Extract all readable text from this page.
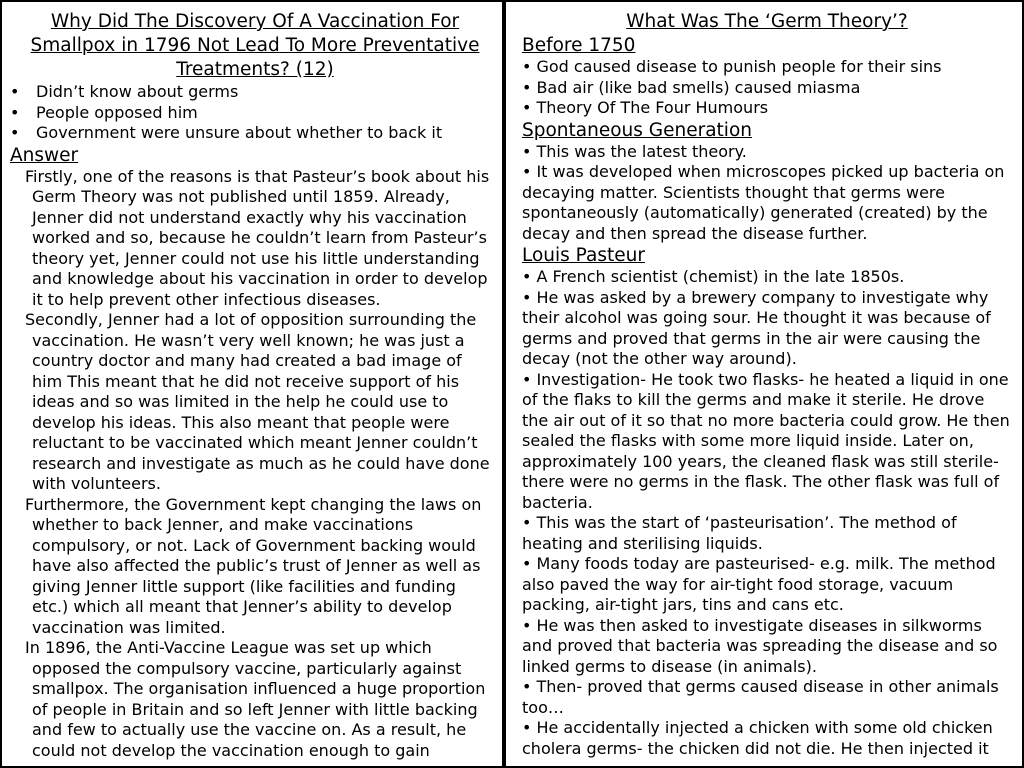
Why Did The Discovery Of A Vaccination For Smallpox in 1796 Not Lead To More Preventative Treatments? (12)
• Didn’t know about germs
• People opposed him
• Government were unsure about whether to back it
Answer
Firstly, one of the reasons is that Pasteur’s book about his Germ Theory was not published until 1859. Already, Jenner did not understand exactly why his vaccination worked and so, because he couldn’t learn from Pasteur’s theory yet, Jenner could not use his little understanding and knowledge about his vaccination in order to develop it to help prevent other infectious diseases.
Secondly, Jenner had a lot of opposition surrounding the vaccination. He wasn’t very well known; he was just a country doctor and many had created a bad image of him This meant that he did not receive support of his ideas and so was limited in the help he could use to develop his ideas. This also meant that people were reluctant to be vaccinated which meant Jenner couldn’t research and investigate as much as he could have done with volunteers.
Furthermore, the Government kept changing the laws on whether to back Jenner, and make vaccinations compulsory, or not. Lack of Government backing would have also affected the public’s trust of Jenner as well as giving Jenner little support (like facilities and funding etc.) which all meant that Jenner’s ability to develop vaccination was limited.
In 1896, the Anti-Vaccine League was set up which opposed the compulsory vaccine, particularly against smallpox. The organisation influenced a huge proportion of people in Britain and so left Jenner with little backing and few to actually use the vaccine on. As a result, he could not develop the vaccination enough to gain
What Was The ‘Germ Theory’?
Before 1750
• God caused disease to punish people for their sins
• Bad air (like bad smells) caused miasma
• Theory Of The Four Humours
Spontaneous Generation
• This was the latest theory.
• It was developed when microscopes picked up bacteria on decaying matter. Scientists thought that germs were spontaneously (automatically) generated (created) by the decay and then spread the disease further.
Louis Pasteur
• A French scientist (chemist) in the late 1850s.
• He was asked by a brewery company to investigate why their alcohol was going sour. He thought it was because of germs and proved that germs in the air were causing the decay (not the other way around).
• Investigation- He took two flasks- he heated a liquid in one of the flaks to kill the germs and make it sterile. He drove the air out of it so that no more bacteria could grow. He then sealed the flasks with some more liquid inside. Later on, approximately 100 years, the cleaned flask was still sterile- there were no germs in the flask. The other flask was full of bacteria.
• This was the start of ‘pasteurisation’. The method of heating and sterilising liquids.
• Many foods today are pasteurised- e.g. milk. The method also paved the way for air-tight food storage, vacuum packing, air-tight jars, tins and cans etc.
• He was then asked to investigate diseases in silkworms and proved that bacteria was spreading the disease and so linked germs to disease (in animals).
• Then- proved that germs caused disease in other animals too…
• He accidentally injected a chicken with some old chicken cholera germs- the chicken did not die. He then injected it
